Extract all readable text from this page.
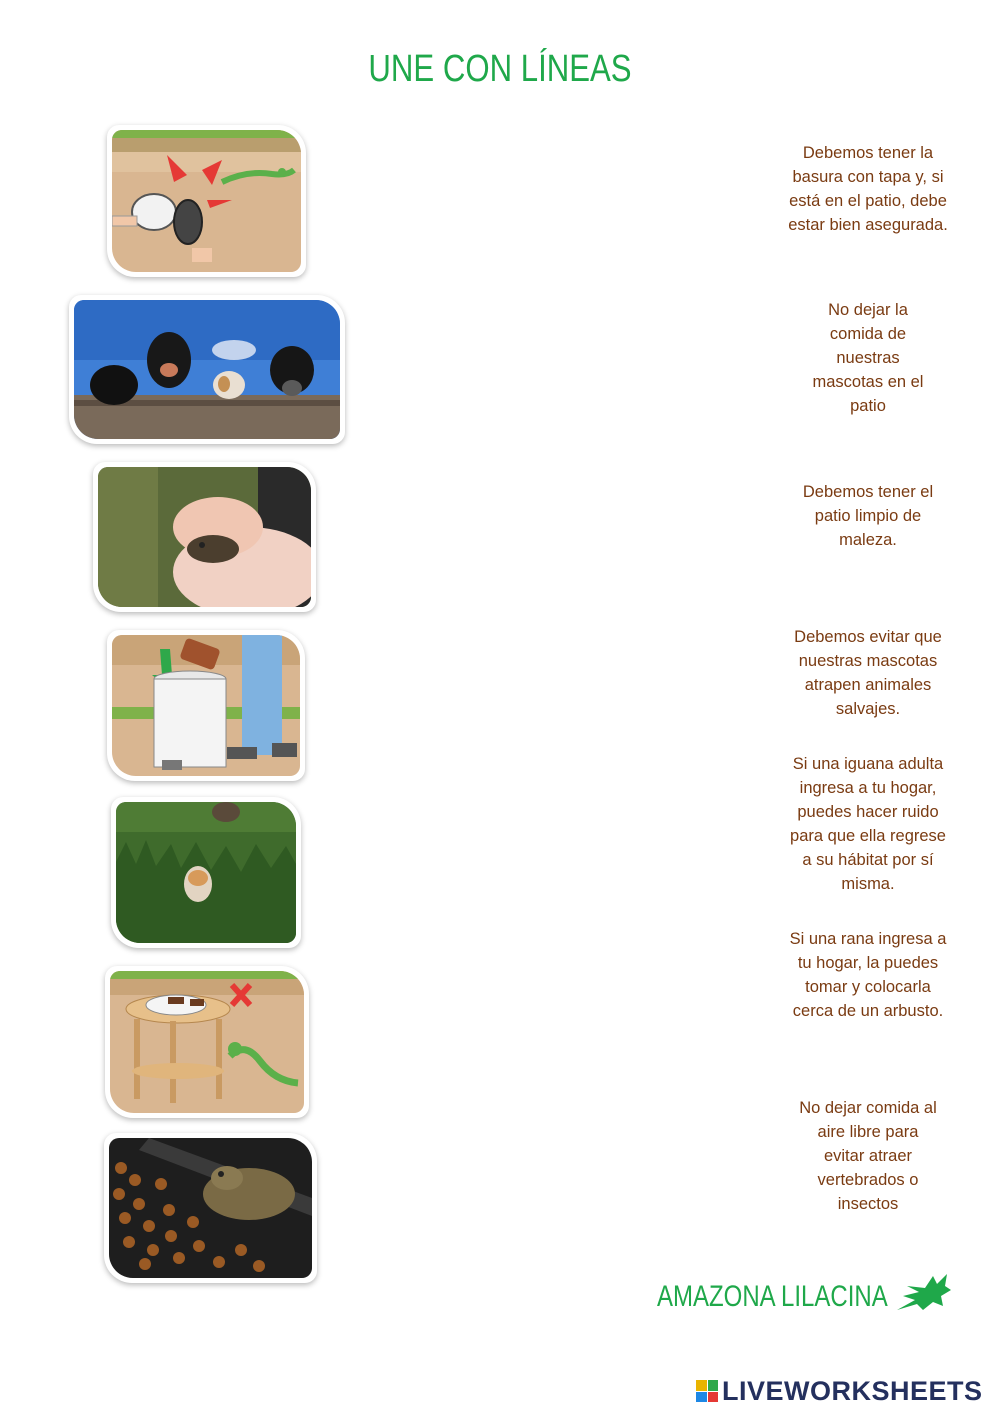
UNE CON LÍNEAS
Debemos tener la basura con tapa y, si está en el patio, debe estar bien asegurada.
No dejar la comida de nuestras mascotas en el patio
Debemos tener el patio limpio de maleza.
Debemos evitar que nuestras mascotas atrapen animales salvajes.
Si una iguana adulta ingresa a tu hogar, puedes hacer ruido para que ella regrese a su hábitat por sí misma.
Si una rana ingresa a tu hogar, la puedes tomar y colocarla cerca de un arbusto.
No dejar comida al aire libre para evitar atraer vertebrados o insectos
AMAZONA LILACINA
LIVEWORKSHEETS
